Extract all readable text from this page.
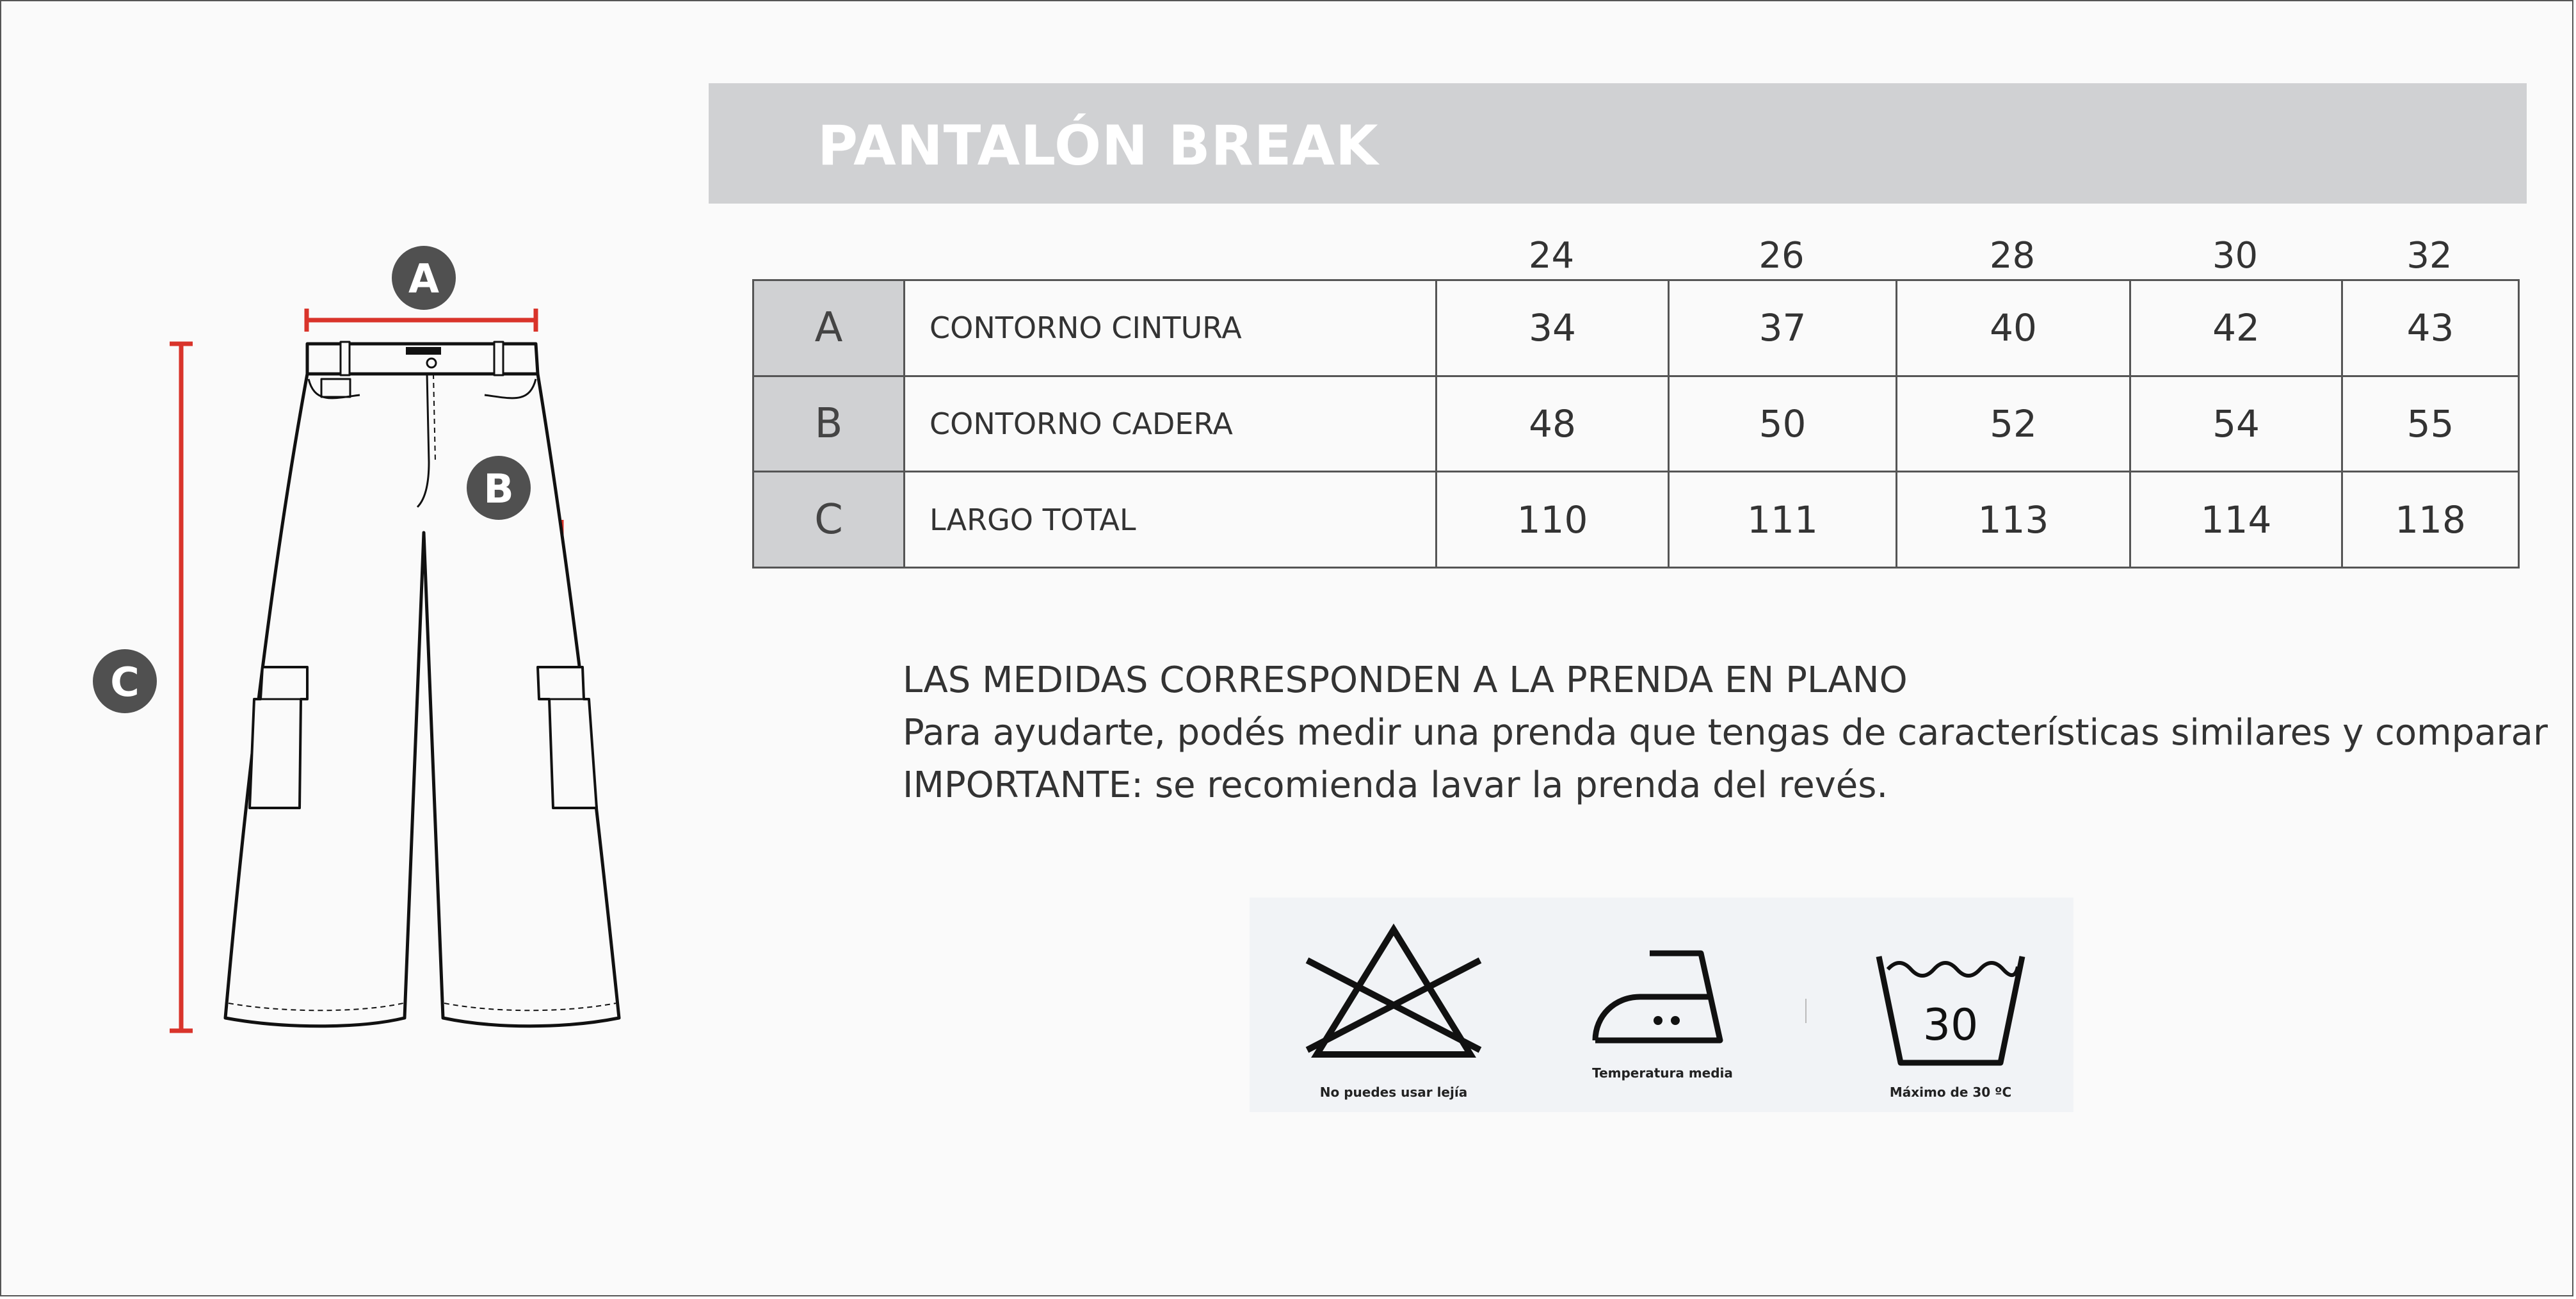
A
B
C
PANTALÓN BREAK
24	26	28	30	32
A	CONTORNO CINTURA	34	37	40	42	43
B	CONTORNO CADERA	48	50	52	54	55
C	LARGO TOTAL	110	111	113	114	118
LAS MEDIDAS CORRESPONDEN A LA PRENDA EN PLANO
Para ayudarte, podés medir una prenda que tengas de características similares y comparar
IMPORTANTE: se recomienda lavar la prenda del revés.
No puedes usar lejía
Temperatura media
30
Máximo de 30 ºC
